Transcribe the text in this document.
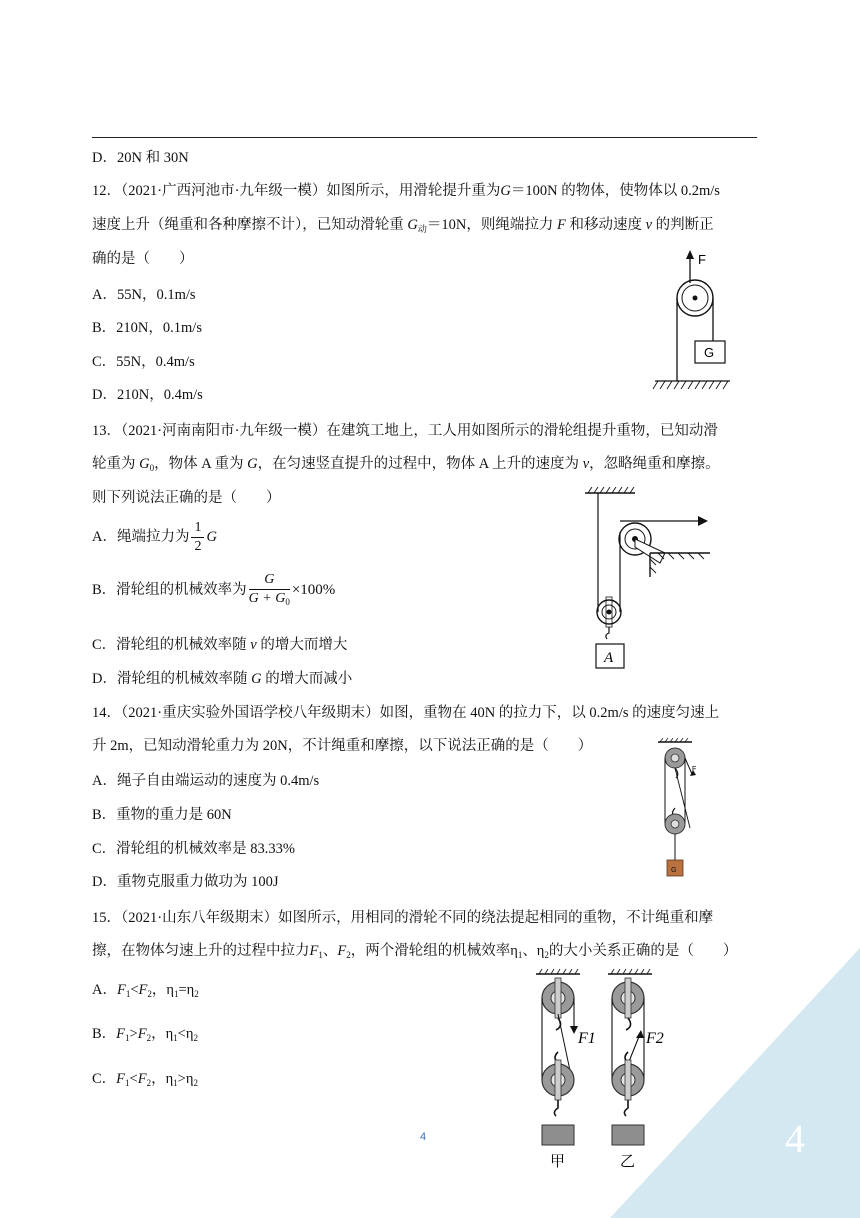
D．20N 和 30N
12．（2021·广西河池市·九年级一模）如图所示，用滑轮提升重为G＝100N 的物体，使物体以 0.2m/s
速度上升（绳重和各种摩擦不计），已知动滑轮重 $G_动=10N$，则绳端拉力 F 和移动速度 v 的判断正
确的是（　　）
A．55N，0.1m/s
B．210N，0.1m/s
C．55N，0.4m/s
D．210N，0.4m/s
F
G
13．（2021·河南南阳市·九年级一模）在建筑工地上，工人用如图所示的滑轮组提升重物，已知动滑
轮重为 $G_0$，物体 A 重为 G，在匀速竖直提升的过程中，物体 A 上升的速度为 v，忽略绳重和摩擦。
则下列说法正确的是（　　）
A．绳端拉力为 $\frac{1}{2}$ G
B．滑轮组的机械效率为 $\frac{G}{G + G_0} \times 100\%$
C．滑轮组的机械效率随 v 的增大而增大
D．滑轮组的机械效率随 G 的增大而减小
A
14．（2021·重庆实验外国语学校八年级期末）如图，重物在 40N 的拉力下，以 0.2m/s 的速度匀速上
升 2m，已知动滑轮重力为 20N，不计绳重和摩擦，以下说法正确的是（　　）
A．绳子自由端运动的速度为 0.4m/s
B．重物的重力是 60N
C．滑轮组的机械效率是 83.33%
D．重物克服重力做功为 100J
F
G
15．（2021·山东八年级期末）如图所示，用相同的滑轮不同的绕法提起相同的重物，不计绳重和摩
擦，在物体匀速上升的过程中拉力$F_1$、$F_2$，两个滑轮组的机械效率$\eta_1$、$\eta_2$的大小关系正确的是（　　）
A．$F_1<F_2$，$\eta_1=\eta_2$
B．$F_1>F_2$，$\eta_1<\eta_2$
C．$F_1<F_2$，$\eta_1>\eta_2$
F1
甲
F2
乙
4	4
